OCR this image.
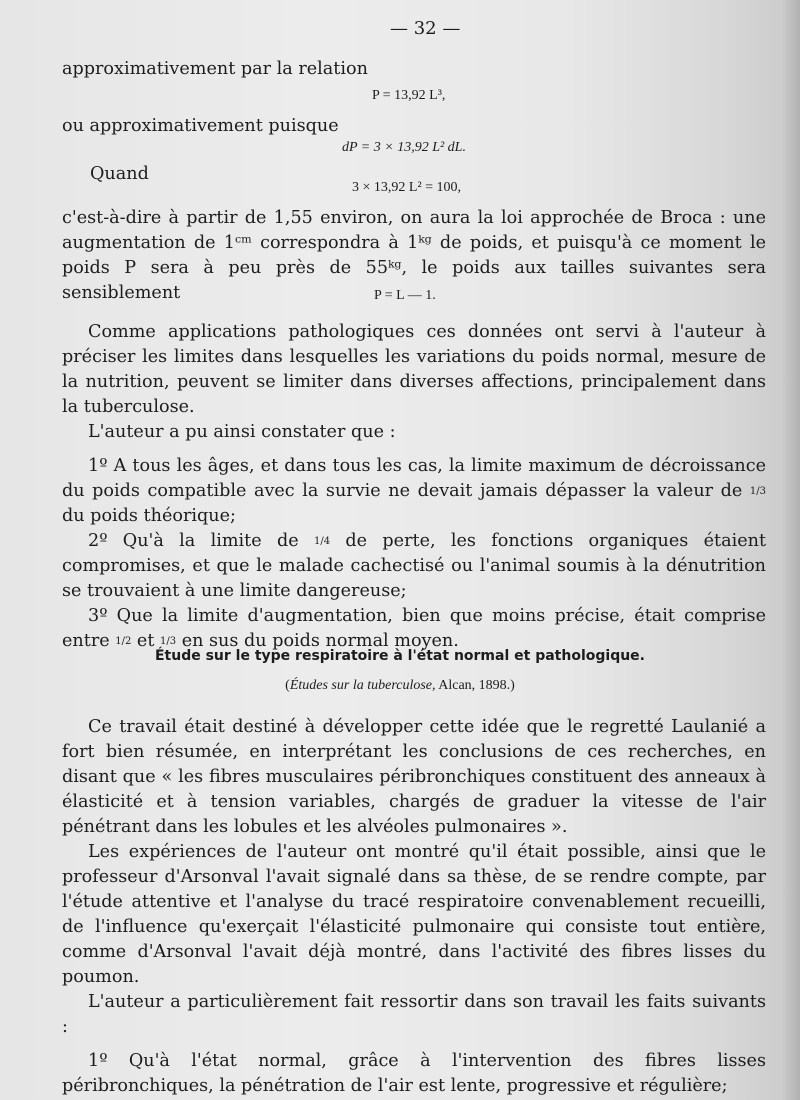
— 32 —
approximativement par la relation
P = 13,92 L³,
ou approximativement puisque
dP = 3 × 13,92 L² dL.
Quand
3 × 13,92 L² = 100,

c'est-à-dire à partir de 1,55 environ, on aura la loi approchée de Broca : une augmentation de 1ᶜᵐ correspondra à 1ᵏᵍ de poids, et puisqu'à ce moment le poids P sera à peu près de 55ᵏᵍ, le poids aux tailles suivantes sera sensiblement	P = L — 1.

Comme applications pathologiques ces données ont servi à l'auteur à préciser les limites dans lesquelles les variations du poids normal, mesure de la nutrition, peuvent se limiter dans diverses affections, principalement dans la tuberculose.

L'auteur a pu ainsi constater que :

1º A tous les âges, et dans tous les cas, la limite maximum de décroissance du poids compatible avec la survie ne devait jamais dépasser la valeur de 1/3 du poids théorique;

2º Qu'à la limite de 1/4 de perte, les fonctions organiques étaient compromises, et que le malade cachectisé ou l'animal soumis à la dénutrition se trouvaient à une limite dangereuse;

3º Que la limite d'augmentation, bien que moins précise, était comprise entre 1/2 et 1/3 en sus du poids normal moyen.

Étude sur le type respiratoire à l'état normal et pathologique.
(Études sur la tuberculose, Alcan, 1898.)

Ce travail était destiné à développer cette idée que le regretté Laulanié a fort bien résumée, en interprétant les conclusions de ces recherches, en disant que « les fibres musculaires péribronchiques constituent des anneaux à élasticité et à tension variables, chargés de graduer la vitesse de l'air pénétrant dans les lobules et les alvéoles pulmonaires ».

Les expériences de l'auteur ont montré qu'il était possible, ainsi que le professeur d'Arsonval l'avait signalé dans sa thèse, de se rendre compte, par l'étude attentive et l'analyse du tracé respiratoire convenablement recueilli, de l'influence qu'exerçait l'élasticité pulmonaire qui consiste tout entière, comme d'Arsonval l'avait déjà montré, dans l'activité des fibres lisses du poumon.

L'auteur a particulièrement fait ressortir dans son travail les faits suivants :

1º Qu'à l'état normal, grâce à l'intervention des fibres lisses péribronchiques, la pénétration de l'air est lente, progressive et régulière;
